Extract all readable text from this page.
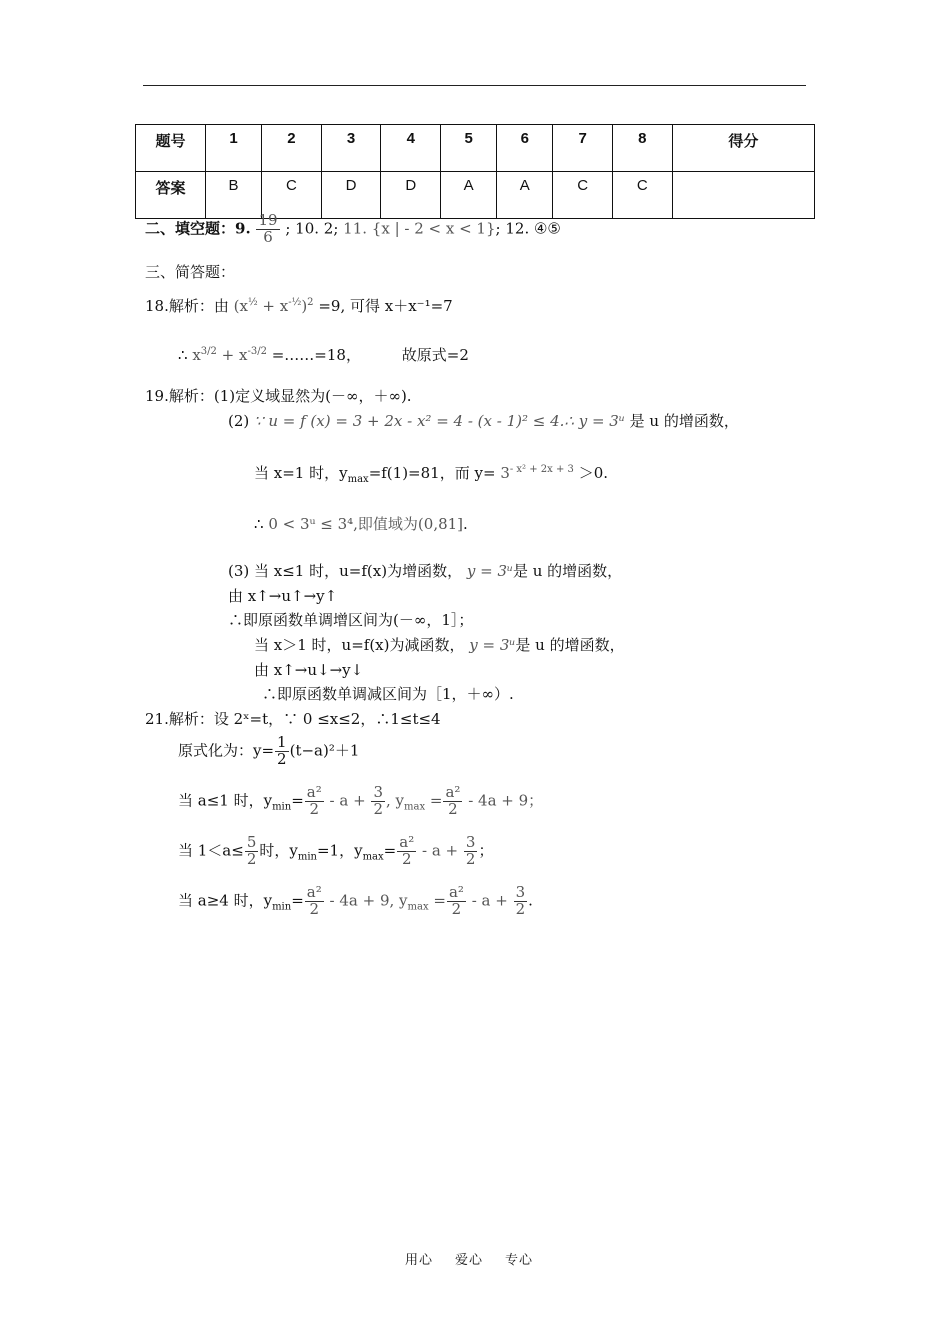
题号	1	2	3	4	5	6	7	8	得分
答案	B	C	D	D	A	A	C	C	
二、填空题：9. $\frac{19}{6}$ ; 10. 2; 11. {x | - 2 < x < 1}; 12. ④⑤
三、简答题：
18.解析：由 $(x^{\frac{1}{2}} + x^{-\frac{1}{2}})^2 =9$, 可得 x＋x⁻¹=7
∴ $x^{3/2} + x^{-3/2}$ =……=18，	故原式=2
19.解析：(1)定义域显然为(－∞，＋∞).
(2) ∵ u = f (x) = 3 + 2x - x² = 4 - (x - 1)² ≤ 4.∴ y = 3ᵘ 是 u 的增函数，
当 x=1 时，$y_{max}=f(1)=81$，而 $y= 3^{- x^2 + 2x + 3} >0$.
∴ 0 < 3ᵘ ≤ 3⁴,即值域为(0,81].
(3) 当 x≤1 时，u=f(x)为增函数， y = 3ᵘ是 u 的增函数，
由 x↑→u↑→y↑
∴即原函数单调增区间为(－∞，1］；
当 x＞1 时，u=f(x)为减函数， y = 3ᵘ是 u 的增函数，
由 x↑→u↓→y↓
∴即原函数单调减区间为［1，＋∞）.
21.解析：设 2ˣ=t，∵ 0 ≤x≤2，∴1≤t≤4
原式化为：$y= \frac{1}{2} (t-a)^2+1$
当 a≤1 时，$y_{min}= \frac{\text{a²}}{2} - a + \frac{3}{2}$ , $y_{max} = \frac{\text{a²}}{2} - 4a + 9$；
当 $1<a\le \frac{5}{2}$ 时，$y_{min}=1$，$y_{max}= \frac{\text{a²}}{2} - a + \frac{3}{2}$ ；
当 a≥4 时，$y_{min}= \frac{\text{a²}}{2} - 4a + 9$, $y_{max} = \frac{\text{a²}}{2} - a + \frac{3}{2}$ .
用心 爱心 专心
